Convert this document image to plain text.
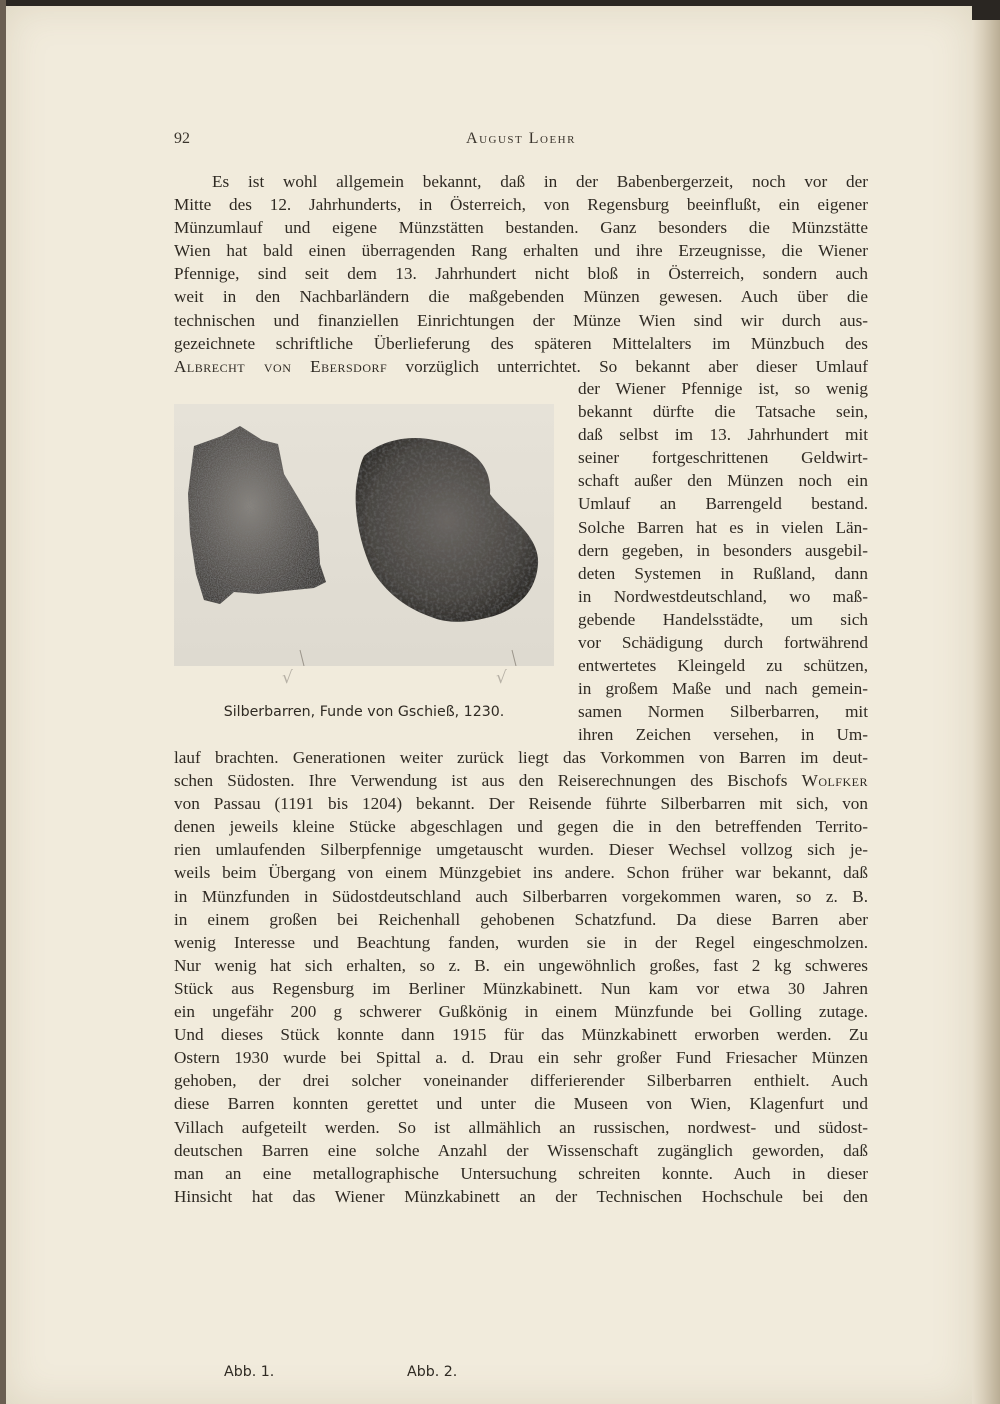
92	August Loehr
Es ist wohl allgemein bekannt, daß in der Babenbergerzeit, noch vor der
Mitte des 12. Jahrhunderts, in Österreich, von Regensburg beeinflußt, ein eigener
Münzumlauf und eigene Münzstätten bestanden. Ganz besonders die Münzstätte
Wien hat bald einen überragenden Rang erhalten und ihre Erzeugnisse, die Wiener
Pfennige, sind seit dem 13. Jahrhundert nicht bloß in Österreich, sondern auch
weit in den Nachbarländern die maßgebenden Münzen gewesen. Auch über die
technischen und finanziellen Einrichtungen der Münze Wien sind wir durch aus-
gezeichnete schriftliche Überlieferung des späteren Mittelalters im Münzbuch des
Albrecht von Ebersdorf vorzüglich unterrichtet. So bekannt aber dieser Umlauf
der Wiener Pfennige ist, so wenig
bekannt dürfte die Tatsache sein,
daß selbst im 13. Jahrhundert mit
seiner fortgeschrittenen Geldwirt-
schaft außer den Münzen noch ein
Umlauf an Barrengeld bestand.
Solche Barren hat es in vielen Län-
dern gegeben, in besonders ausgebil-
deten Systemen in Rußland, dann
in Nordwestdeutschland, wo maß-
gebende Handelsstädte, um sich
vor Schädigung durch fortwährend
entwertetes Kleingeld zu schützen,
in großem Maße und nach gemein-
samen Normen Silberbarren, mit
ihren Zeichen versehen, in Um-
Abb. 1.	Abb. 2.
√	√
Silberbarren, Funde von Gschieß, 1230.
lauf brachten. Generationen weiter zurück liegt das Vorkommen von Barren im deut-
schen Südosten. Ihre Verwendung ist aus den Reiserechnungen des Bischofs Wolfker
von Passau (1191 bis 1204) bekannt. Der Reisende führte Silberbarren mit sich, von
denen jeweils kleine Stücke abgeschlagen und gegen die in den betreffenden Territo-
rien umlaufenden Silberpfennige umgetauscht wurden. Dieser Wechsel vollzog sich je-
weils beim Übergang von einem Münzgebiet ins andere. Schon früher war bekannt, daß
in Münzfunden in Südostdeutschland auch Silberbarren vorgekommen waren, so z. B.
in einem großen bei Reichenhall gehobenen Schatzfund. Da diese Barren aber
wenig Interesse und Beachtung fanden, wurden sie in der Regel eingeschmolzen.
Nur wenig hat sich erhalten, so z. B. ein ungewöhnlich großes, fast 2 kg schweres
Stück aus Regensburg im Berliner Münzkabinett. Nun kam vor etwa 30 Jahren
ein ungefähr 200 g schwerer Gußkönig in einem Münzfunde bei Golling zutage.
Und dieses Stück konnte dann 1915 für das Münzkabinett erworben werden. Zu
Ostern 1930 wurde bei Spittal a. d. Drau ein sehr großer Fund Friesacher Münzen
gehoben, der drei solcher voneinander differierender Silberbarren enthielt. Auch
diese Barren konnten gerettet und unter die Museen von Wien, Klagenfurt und
Villach aufgeteilt werden. So ist allmählich an russischen, nordwest- und südost-
deutschen Barren eine solche Anzahl der Wissenschaft zugänglich geworden, daß
man an eine metallographische Untersuchung schreiten konnte. Auch in dieser
Hinsicht hat das Wiener Münzkabinett an der Technischen Hochschule bei den
